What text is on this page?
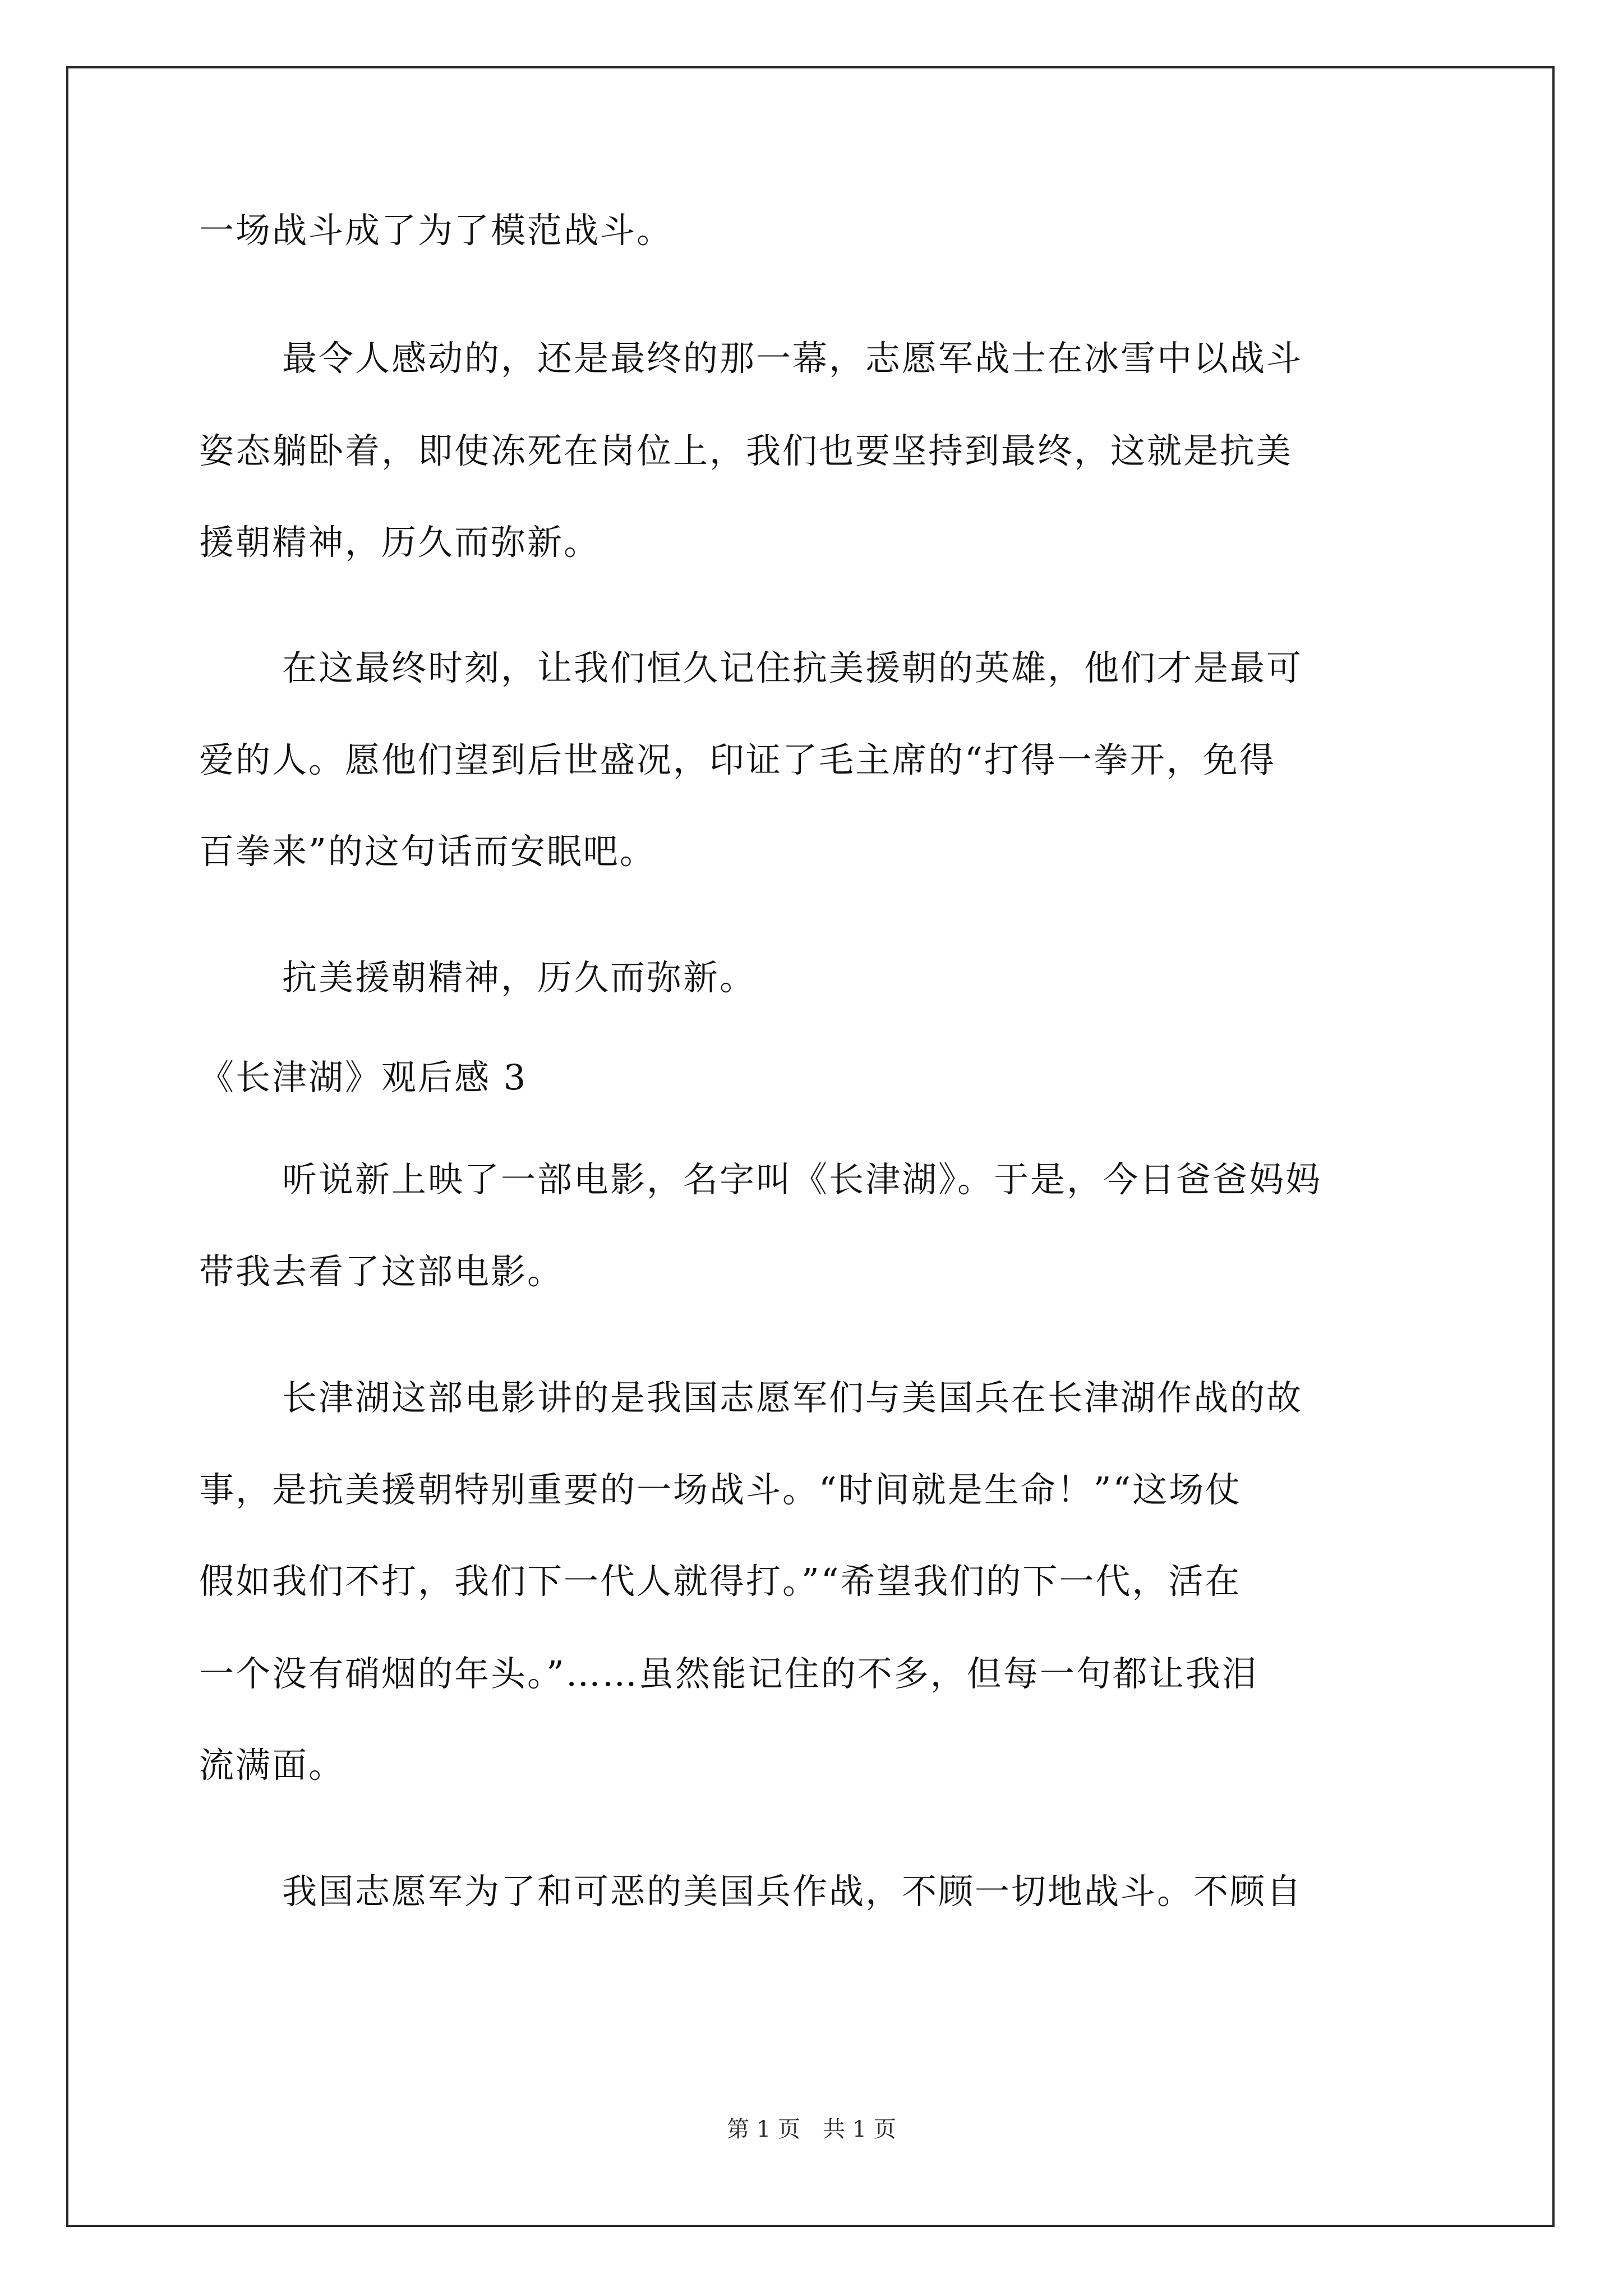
一场战斗成了为了模范战斗。
最令人感动的，还是最终的那一幕，志愿军战士在冰雪中以战斗
姿态躺卧着，即使冻死在岗位上，我们也要坚持到最终，这就是抗美
援朝精神，历久而弥新。
在这最终时刻，让我们恒久记住抗美援朝的英雄，他们才是最可
爱的人。愿他们望到后世盛况，印证了毛主席的“打得一拳开，免得
百拳来”的这句话而安眠吧。
抗美援朝精神，历久而弥新。
《长津湖》观后感 3
听说新上映了一部电影，名字叫《长津湖》。于是，今日爸爸妈妈
带我去看了这部电影。
长津湖这部电影讲的是我国志愿军们与美国兵在长津湖作战的故
事，是抗美援朝特别重要的一场战斗。“时间就是生命！”“这场仗
假如我们不打，我们下一代人就得打。”“希望我们的下一代，活在
一个没有硝烟的年头。”……虽然能记住的不多，但每一句都让我泪
流满面。
我国志愿军为了和可恶的美国兵作战，不顾一切地战斗。不顾自
第 1 页　共 1 页
